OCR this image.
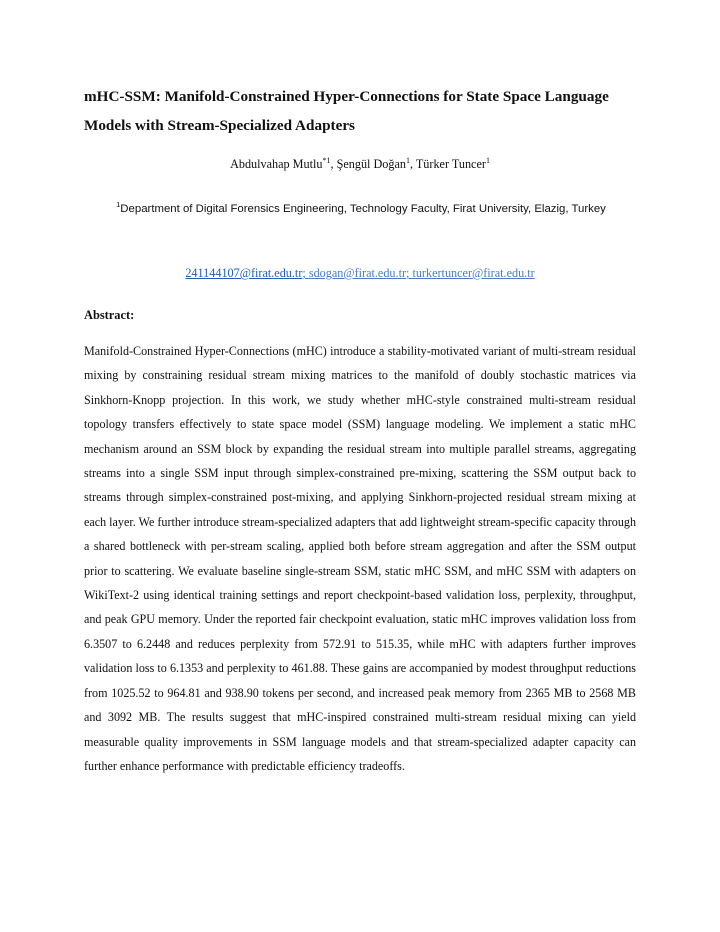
mHC-SSM: Manifold-Constrained Hyper-Connections for State Space Language Models with Stream-Specialized Adapters
Abdulvahap Mutlu$^{*1}$, Şengül Doğan$^1$, Türker Tuncer$^1$
$^1$Department of Digital Forensics Engineering, Technology Faculty, Firat University, Elazig, Turkey
241144107@firat.edu.tr; sdogan@firat.edu.tr; turkertuncer@firat.edu.tr
Abstract:
Manifold-Constrained Hyper-Connections (mHC) introduce a stability-motivated variant of multi-stream residual mixing by constraining residual stream mixing matrices to the manifold of doubly stochastic matrices via Sinkhorn-Knopp projection. In this work, we study whether mHC-style constrained multi-stream residual topology transfers effectively to state space model (SSM) language modeling. We implement a static mHC mechanism around an SSM block by expanding the residual stream into multiple parallel streams, aggregating streams into a single SSM input through simplex-constrained pre-mixing, scattering the SSM output back to streams through simplex-constrained post-mixing, and applying Sinkhorn-projected residual stream mixing at each layer. We further introduce stream-specialized adapters that add lightweight stream-specific capacity through a shared bottleneck with per-stream scaling, applied both before stream aggregation and after the SSM output prior to scattering. We evaluate baseline single-stream SSM, static mHC SSM, and mHC SSM with adapters on WikiText-2 using identical training settings and report checkpoint-based validation loss, perplexity, throughput, and peak GPU memory. Under the reported fair checkpoint evaluation, static mHC improves validation loss from 6.3507 to 6.2448 and reduces perplexity from 572.91 to 515.35, while mHC with adapters further improves validation loss to 6.1353 and perplexity to 461.88. These gains are accompanied by modest throughput reductions from 1025.52 to 964.81 and 938.90 tokens per second, and increased peak memory from 2365 MB to 2568 MB and 3092 MB. The results suggest that mHC-inspired constrained multi-stream residual mixing can yield measurable quality improvements in SSM language models and that stream-specialized adapter capacity can further enhance performance with predictable efficiency tradeoffs.
